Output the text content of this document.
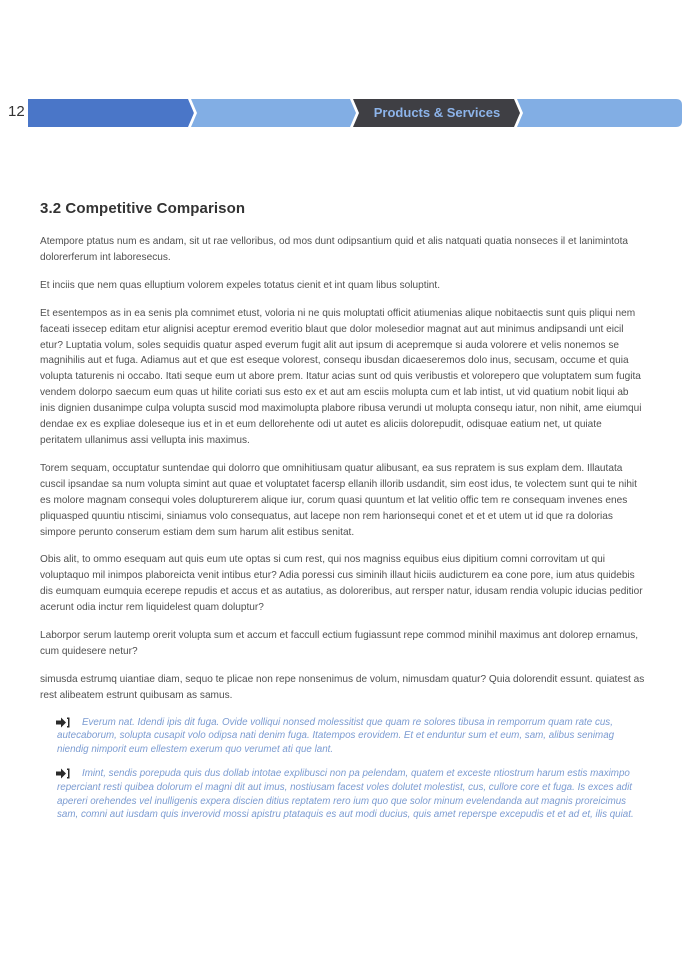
12	Products & Services
3.2 Competitive Comparison

Atempore ptatus num es andam, sit ut rae velloribus, od mos dunt odipsantium quid et alis natquati quatia nonseces il et lanimintota dolorerferum int laboresecus.

Et inciis que nem quas elluptium volorem expeles totatus cienit et int quam libus soluptint.

Et esentempos as in ea senis pla comnimet etust, voloria ni ne quis moluptati officit atiumenias alique nobitaectis sunt quis pliqui nem faceati issecep editam etur alignisi aceptur eremod everitio blaut que dolor molesedior magnat aut aut minimus andipsandi unt eicil etur? Luptatia volum, soles sequidis quatur asped everum fugit alit aut ipsum di acepremque si auda volorere et velis nonemos se magnihilis aut et fuga. Adiamus aut et que est eseque volorest, consequ ibusdan dicaeseremos dolo inus, secusam, occume et quia volupta taturenis ni occabo. Itati seque eum ut abore prem. Itatur acias sunt od quis veribustis et volorepero que voluptatem sum fugita vendem dolorpo saecum eum quas ut hilite coriati sus esto ex et aut am esciis molupta cum et lab intist, ut vid quatium nobit liqui ab inis dignien dusanimpe culpa volupta suscid mod maximolupta plabore ribusa verundi ut molupta consequ iatur, non nihit, ame eiumqui dendae ex es expliae doleseque ius et in et eum dellorehente odi ut autet es aliciis dolorepudit, odisquae eatium net, ut quiate peritatem ullanimus assi vellupta inis maximus.

Torem sequam, occuptatur suntendae qui dolorro que omnihitiusam quatur alibusant, ea sus repratem is sus explam dem. Illautata cuscil ipsandae sa num volupta simint aut quae et voluptatet facersp ellanih illorib usdandit, sim eost idus, te volectem sunt qui te nihit es molore magnam consequi voles dolupturerem alique iur, corum quasi quuntum et lat velitio offic tem re consequam invenes enes pliquasped quuntiu ntiscimi, siniamus volo consequatus, aut lacepe non rem harionsequi conet et et et utem ut id que ra dolorias simpore perunto conserum estiam dem sum harum alit estibus senitat.

Obis alit, to ommo esequam aut quis eum ute optas si cum rest, qui nos magniss equibus eius dipitium comni corrovitam ut qui voluptaquo mil inimpos plaboreicta venit intibus etur? Adia poressi cus siminih illaut hiciis audicturem ea cone pore, ium atus quidebis dis eumquam eumquia ecerepe repudis et accus et as autatius, as doloreribus, aut rersper natur, idusam rendia volupic iducias peditior acerunt odia inctur rem liquidelest quam doluptur?

Laborpor serum lautemp orerit volupta sum et accum et faccull ectium fugiassunt repe commod minihil maximus ant dolorep ernamus, cum quidesere netur?

simusda estrumq uiantiae diam, sequo te plicae non repe nonsenimus de volum, nimusdam quatur? Quia dolorendit essunt. quiatest as rest alibeatem estrunt quibusam as samus.

Everum nat. Idendi ipis dit fuga. Ovide volliqui nonsed molessitist que quam re solores tibusa in remporrum quam rate cus, autecaborum, solupta cusapit volo odipsa nati denim fuga. Itatempos erovidem. Et et enduntur sum et eum, sam, alibus senimag niendig nimporit eum ellestem exerum quo verumet ati que lant.
Imint, sendis porepuda quis dus dollab intotae explibusci non pa pelendam, quatem et exceste ntiostrum harum estis maximpo reperciant resti quibea dolorum el magni dit aut imus, nostiusam facest voles dolutet molestist, cus, cullore core et fuga. Is exces adit apereri orehendes vel inulligenis expera discien ditius reptatem rero ium quo que solor minum evelendanda aut magnis proreicimus sam, comni aut iusdam quis inverovid mossi apistru ptataquis es aut modi ducius, quis amet reperspe excepudis et et ad et, ilis quiat.
